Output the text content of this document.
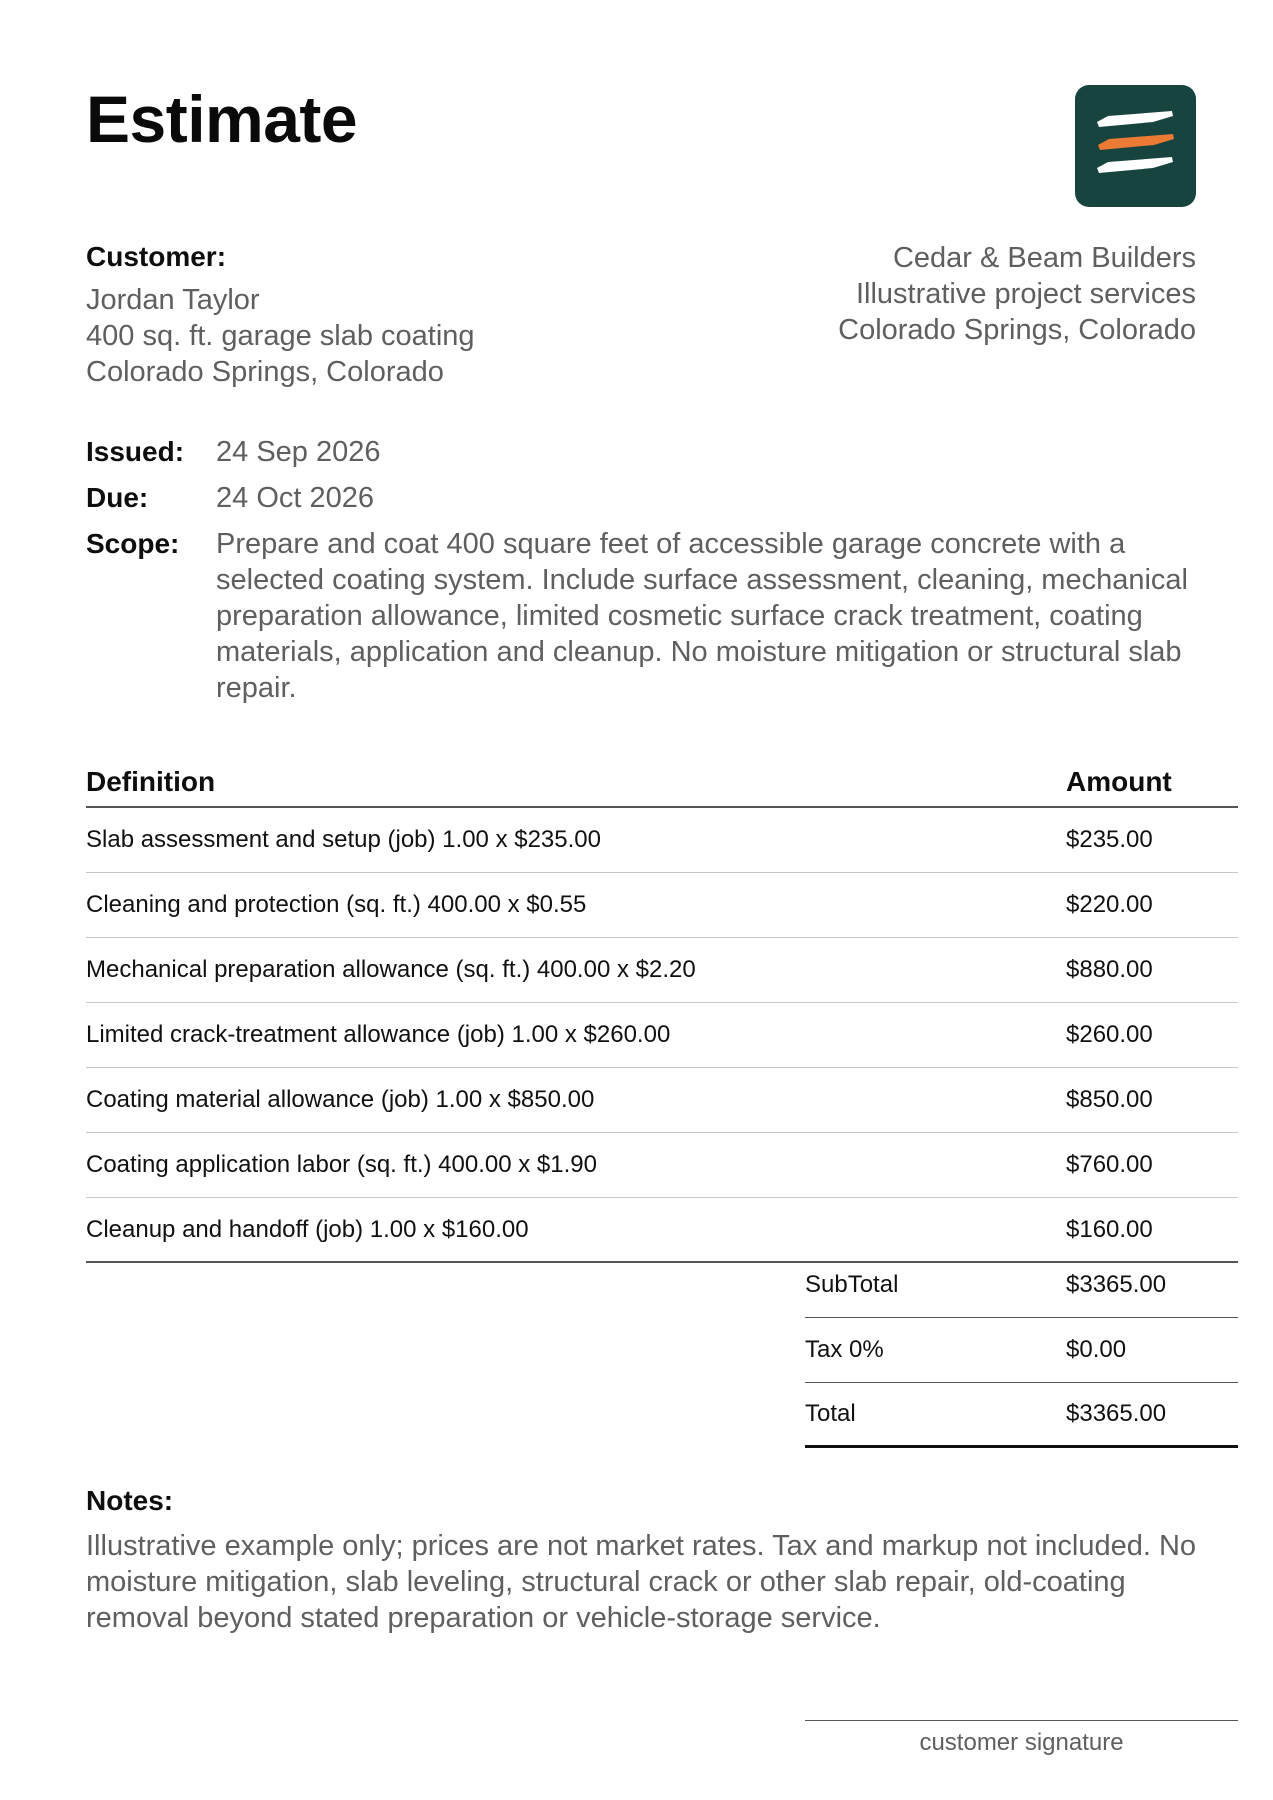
Estimate
Customer:
Jordan Taylor
400 sq. ft. garage slab coating
Colorado Springs, Colorado
Cedar & Beam Builders
Illustrative project services
Colorado Springs, Colorado
Issued:	24 Sep 2026
Due:	24 Oct 2026
Scope:	Prepare and coat 400 square feet of accessible garage concrete with a selected coating system. Include surface assessment, cleaning, mechanical preparation allowance, limited cosmetic surface crack treatment, coating materials, application and cleanup. No moisture mitigation or structural slab repair.
Definition	Amount
Slab assessment and setup (job) 1.00 x $235.00	$235.00
Cleaning and protection (sq. ft.) 400.00 x $0.55	$220.00
Mechanical preparation allowance (sq. ft.) 400.00 x $2.20	$880.00
Limited crack-treatment allowance (job) 1.00 x $260.00	$260.00
Coating material allowance (job) 1.00 x $850.00	$850.00
Coating application labor (sq. ft.) 400.00 x $1.90	$760.00
Cleanup and handoff (job) 1.00 x $160.00	$160.00
SubTotal	$3365.00
Tax 0%	$0.00
Total	$3365.00
Notes:
Illustrative example only; prices are not market rates. Tax and markup not included. No moisture mitigation, slab leveling, structural crack or other slab repair, old-coating removal beyond stated preparation or vehicle-storage service.
customer signature
